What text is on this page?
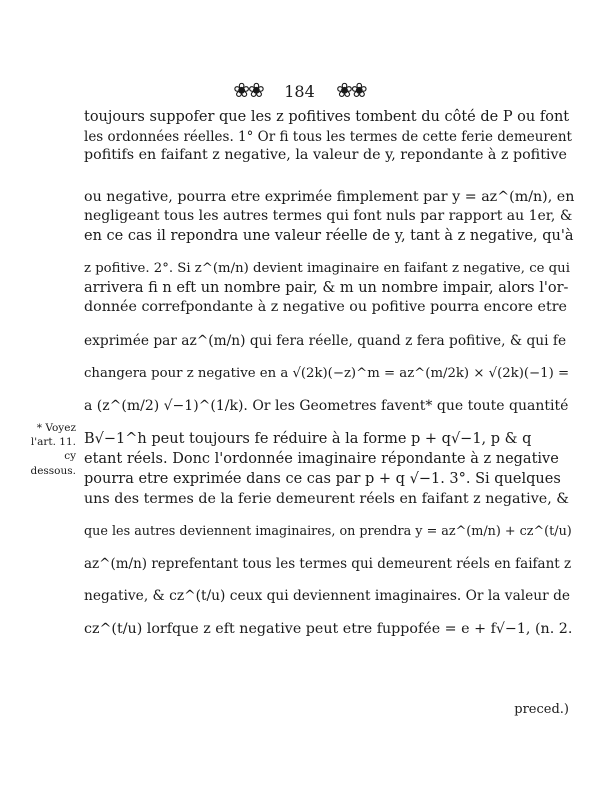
❀❀ 184 ❀❀
* Voyez
l'art. 11. cy
dessous.
toujours suppofer que les z pofitives tombent du côté de P ou font
les ordonnées réelles. 1° Or fi tous les termes de cette ferie demeurent
pofitifs en faifant z negative, la valeur de y, repondante à z pofitive
ou negative, pourra etre exprimée fimplement par y = az^(m/n), en
negligeant tous les autres termes qui font nuls par rapport au 1er, &
en ce cas il repondra une valeur réelle de y, tant à z negative, qu'à
z pofitive. 2°. Si z^(m/n) devient imaginaire en faifant z negative, ce qui
arrivera fi n eft un nombre pair, & m un nombre impair, alors l'or-
donnée correfpondante à z negative ou pofitive pourra encore etre
exprimée par az^(m/n) qui fera réelle, quand z fera pofitive, & qui fe
changera pour z negative en a √(2k)(−z)^m = az^(m/2k) × √(2k)(−1) =
a (z^(m/2) √−1)^(1/k). Or les Geometres favent* que toute quantité
B√−1^h peut toujours fe réduire à la forme p + q√−1, p & q
etant réels. Donc l'ordonnée imaginaire répondante à z negative
pourra etre exprimée dans ce cas par p + q √−1. 3°. Si quelques
uns des termes de la ferie demeurent réels en faifant z negative, &
que les autres deviennent imaginaires, on prendra y = az^(m/n) + cz^(t/u)
az^(m/n) reprefentant tous les termes qui demeurent réels en faifant z
negative, & cz^(t/u) ceux qui deviennent imaginaires. Or la valeur de
cz^(t/u) lorfque z eft negative peut etre fuppofée = e + f√−1, (n. 2.
preced.)
